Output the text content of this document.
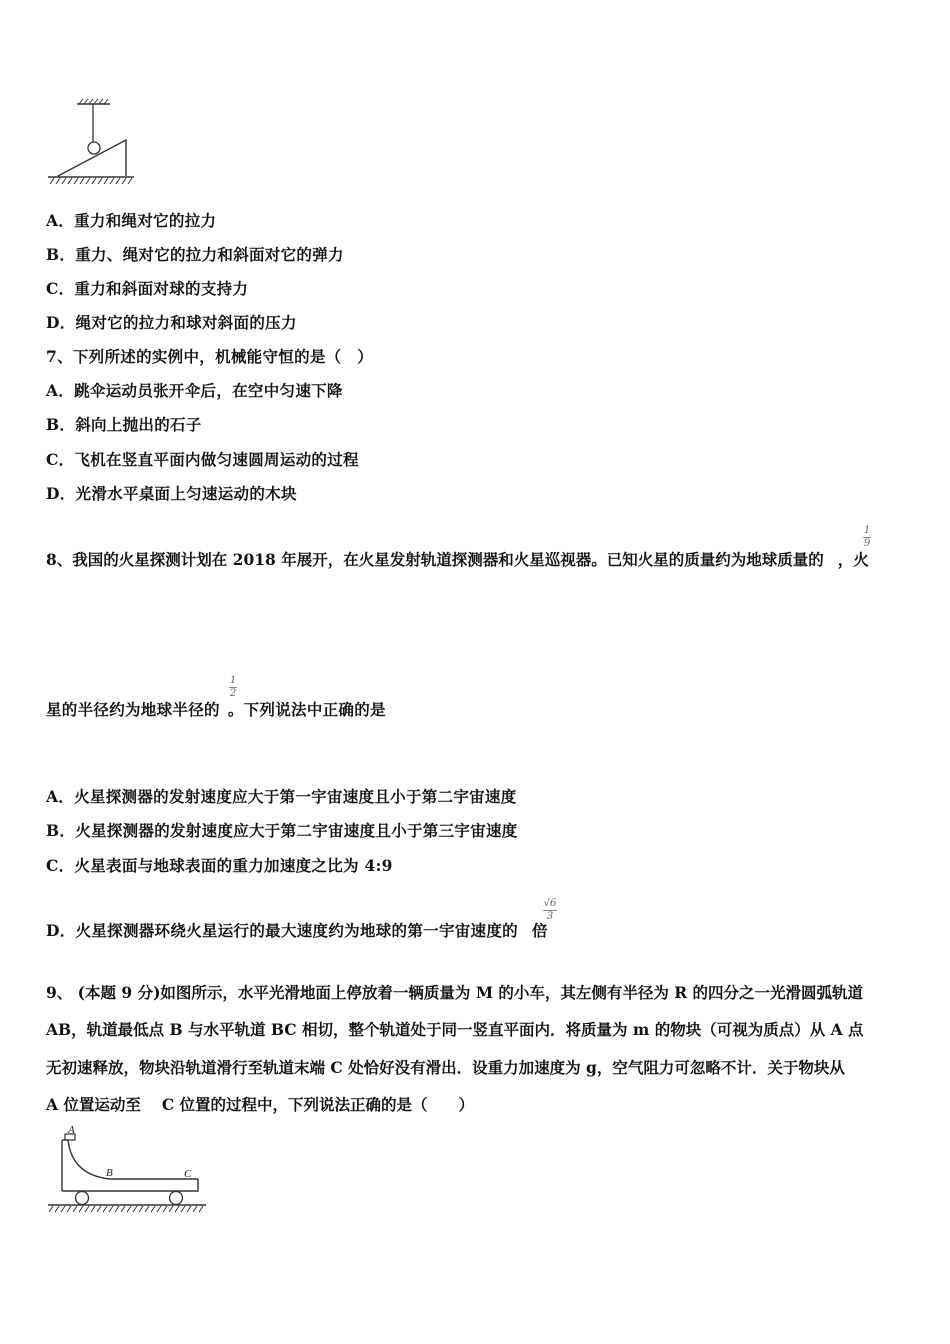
A．重力和绳对它的拉力
B．重力、绳对它的拉力和斜面对它的弹力
C．重力和斜面对球的支持力
D．绳对它的拉力和球对斜面的压力
7、下列所述的实例中，机械能守恒的是（　）
A．跳伞运动员张开伞后，在空中匀速下降
B．斜向上抛出的石子
C．飞机在竖直平面内做匀速圆周运动的过程
D．光滑水平桌面上匀速运动的木块
8、我国的火星探测计划在 2018 年展开，在火星发射轨道探测器和火星巡视器。已知火星的质量约为地球质量的 ，火
1
9
星的半径约为地球半径的 。下列说法中正确的是
1
2
A．火星探测器的发射速度应大于第一宇宙速度且小于第二宇宙速度
B．火星探测器的发射速度应大于第二宇宙速度且小于第三宇宙速度
C．火星表面与地球表面的重力加速度之比为 4:9
D．火星探测器环绕火星运行的最大速度约为地球的第一宇宙速度的 倍
√6
3
9、 (本题 9 分)如图所示，水平光滑地面上停放着一辆质量为 M 的小车，其左侧有半径为 R 的四分之一光滑圆弧轨道
AB，轨道最低点 B 与水平轨道 BC 相切，整个轨道处于同一竖直平面内．将质量为 m 的物块（可视为质点）从 A 点
无初速释放，物块沿轨道滑行至轨道末端 C 处恰好没有滑出．设重力加速度为 g，空气阻力可忽略不计．关于物块从
A 位置运动至　 C 位置的过程中，下列说法正确的是（　　）
A
B	C
